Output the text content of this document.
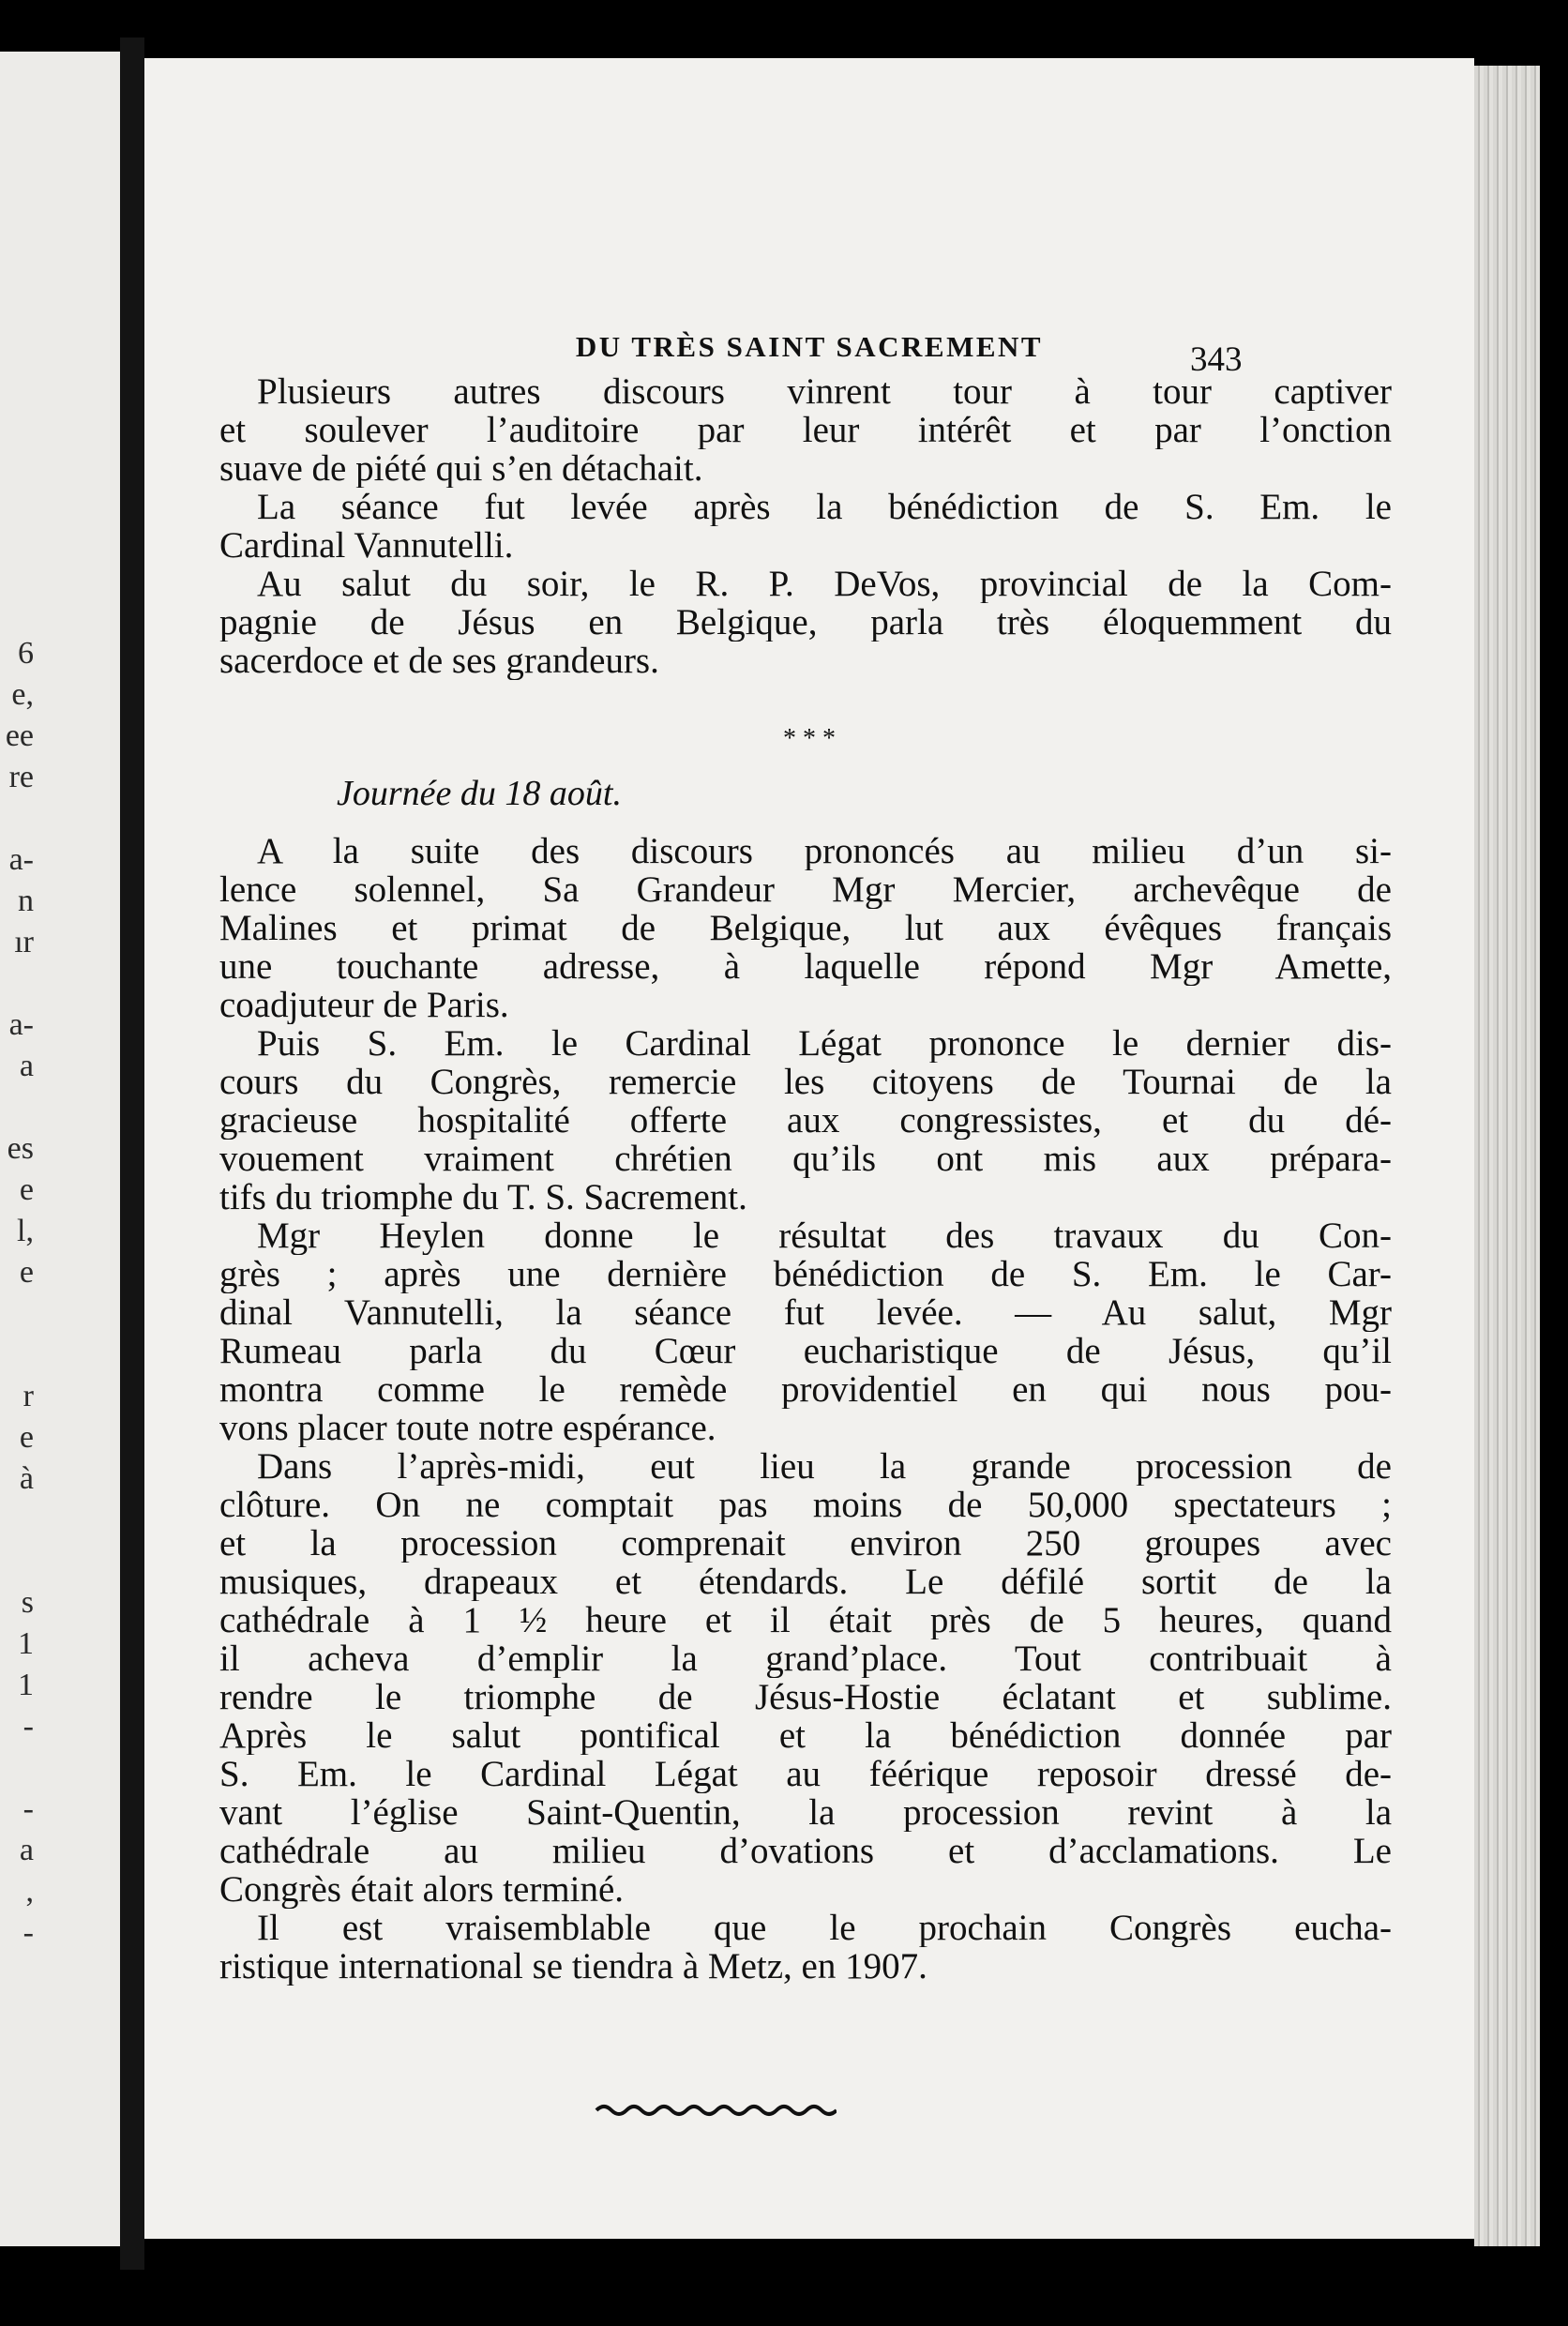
6
e,
ee
re
a-
n
ır
a-
a
es
e
l,
e
r
e
à
s
1
1
-
-
a
,
-
DU TRÈS SAINT SACREMENT	343
Plusieurs autres discours vinrent tour à tour captiver
et soulever l’auditoire par leur intérêt et par l’onction
suave de piété qui s’en détachait.
La séance fut levée après la bénédiction de S. Em. le
Cardinal Vannutelli.
Au salut du soir, le R. P. DeVos, provincial de la Com-
pagnie de Jésus en Belgique, parla très éloquemment du
sacerdoce et de ses grandeurs.
* * *
Journée du 18 août.
A la suite des discours prononcés au milieu d’un si-
lence solennel, Sa Grandeur Mgr Mercier, archevêque de
Malines et primat de Belgique, lut aux évêques français
une touchante adresse, à laquelle répond Mgr Amette,
coadjuteur de Paris.
Puis S. Em. le Cardinal Légat prononce le dernier dis-
cours du Congrès, remercie les citoyens de Tournai de la
gracieuse hospitalité offerte aux congressistes, et du dé-
vouement vraiment chrétien qu’ils ont mis aux prépara-
tifs du triomphe du T. S. Sacrement.
Mgr Heylen donne le résultat des travaux du Con-
grès ; après une dernière bénédiction de S. Em. le Car-
dinal Vannutelli, la séance fut levée. — Au salut, Mgr
Rumeau parla du Cœur eucharistique de Jésus, qu’il
montra comme le remède providentiel en qui nous pou-
vons placer toute notre espérance.
Dans l’après-midi, eut lieu la grande procession de
clôture. On ne comptait pas moins de 50,000 spectateurs ;
et la procession comprenait environ 250 groupes avec
musiques, drapeaux et étendards. Le défilé sortit de la
cathédrale à 1 ½ heure et il était près de 5 heures, quand
il acheva d’emplir la grand’place. Tout contribuait à
rendre le triomphe de Jésus-Hostie éclatant et sublime.
Après le salut pontifical et la bénédiction donnée par
S. Em. le Cardinal Légat au féérique reposoir dressé de-
vant l’église Saint-Quentin, la procession revint à la
cathédrale au milieu d’ovations et d’acclamations. Le
Congrès était alors terminé.
Il est vraisemblable que le prochain Congrès eucha-
ristique international se tiendra à Metz, en 1907.
